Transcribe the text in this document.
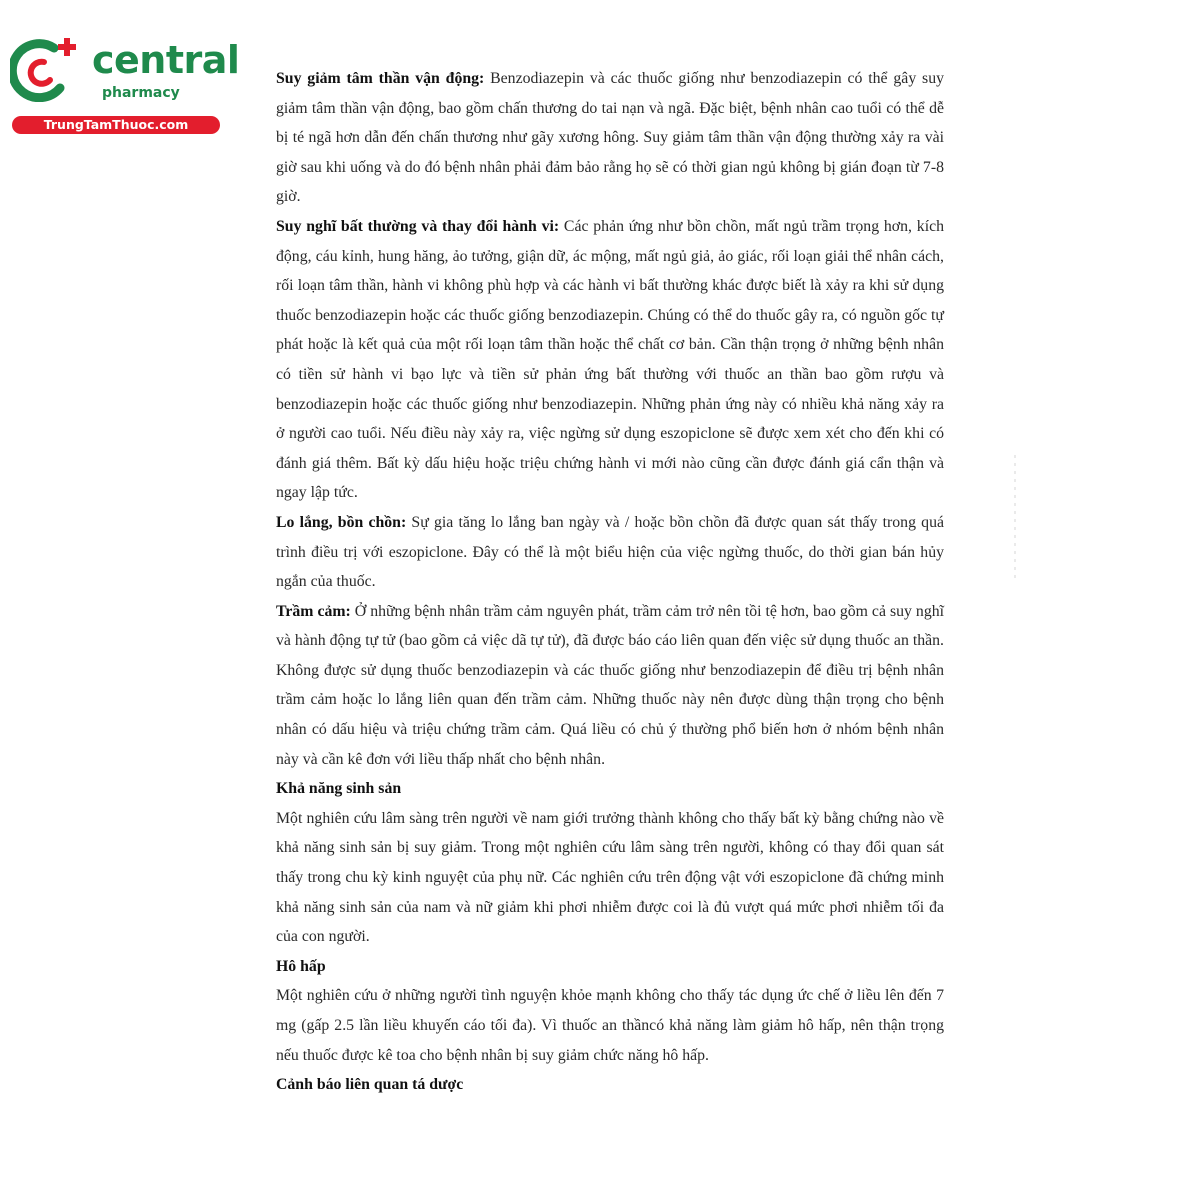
central
pharmacy
TrungTamThuoc.com

Suy giảm tâm thần vận động: Benzodiazepin và các thuốc giống như benzodiazepin có thể gây suy giảm tâm thần vận động, bao gồm chấn thương do tai nạn và ngã. Đặc biệt, bệnh nhân cao tuổi có thể dễ bị té ngã hơn dẫn đến chấn thương như gãy xương hông. Suy giảm tâm thần vận động thường xảy ra vài giờ sau khi uống và do đó bệnh nhân phải đảm bảo rằng họ sẽ có thời gian ngủ không bị gián đoạn từ 7-8 giờ.

Suy nghĩ bất thường và thay đổi hành vi: Các phản ứng như bồn chồn, mất ngủ trầm trọng hơn, kích động, cáu kỉnh, hung hăng, ảo tưởng, giận dữ, ác mộng, mất ngủ giả, ảo giác, rối loạn giải thể nhân cách, rối loạn tâm thần, hành vi không phù hợp và các hành vi bất thường khác được biết là xảy ra khi sử dụng thuốc benzodiazepin hoặc các thuốc giống benzodiazepin. Chúng có thể do thuốc gây ra, có nguồn gốc tự phát hoặc là kết quả của một rối loạn tâm thần hoặc thể chất cơ bản. Cần thận trọng ở những bệnh nhân có tiền sử hành vi bạo lực và tiền sử phản ứng bất thường với thuốc an thần bao gồm rượu và benzodiazepin hoặc các thuốc giống như benzodiazepin. Những phản ứng này có nhiều khả năng xảy ra ở người cao tuổi. Nếu điều này xảy ra, việc ngừng sử dụng eszopiclone sẽ được xem xét cho đến khi có đánh giá thêm. Bất kỳ dấu hiệu hoặc triệu chứng hành vi mới nào cũng cần được đánh giá cẩn thận và ngay lập tức.

Lo lắng, bồn chồn: Sự gia tăng lo lắng ban ngày và / hoặc bồn chồn đã được quan sát thấy trong quá trình điều trị với eszopiclone. Đây có thể là một biểu hiện của việc ngừng thuốc, do thời gian bán hủy ngắn của thuốc.

Trầm cảm: Ở những bệnh nhân trầm cảm nguyên phát, trầm cảm trở nên tồi tệ hơn, bao gồm cả suy nghĩ và hành động tự tử (bao gồm cả việc dã tự tử), đã được báo cáo liên quan đến việc sử dụng thuốc an thần. Không được sử dụng thuốc benzodiazepin và các thuốc giống như benzodiazepin để điều trị bệnh nhân trầm cảm hoặc lo lắng liên quan đến trầm cảm. Những thuốc này nên được dùng thận trọng cho bệnh nhân có dấu hiệu và triệu chứng trầm cảm. Quá liều có chủ ý thường phổ biến hơn ở nhóm bệnh nhân này và cần kê đơn với liều thấp nhất cho bệnh nhân.

Khả năng sinh sản

Một nghiên cứu lâm sàng trên người về nam giới trưởng thành không cho thấy bất kỳ bằng chứng nào về khả năng sinh sản bị suy giảm. Trong một nghiên cứu lâm sàng trên người, không có thay đổi quan sát thấy trong chu kỳ kinh nguyệt của phụ nữ. Các nghiên cứu trên động vật với eszopiclone đã chứng minh khả năng sinh sản của nam và nữ giảm khi phơi nhiễm được coi là đủ vượt quá mức phơi nhiễm tối đa của con người.

Hô hấp

Một nghiên cứu ở những người tình nguyện khỏe mạnh không cho thấy tác dụng ức chế ở liều lên đến 7 mg (gấp 2.5 lần liều khuyến cáo tối đa). Vì thuốc an thầncó khả năng làm giảm hô hấp, nên thận trọng nếu thuốc được kê toa cho bệnh nhân bị suy giảm chức năng hô hấp.

Cảnh báo liên quan tá dược
